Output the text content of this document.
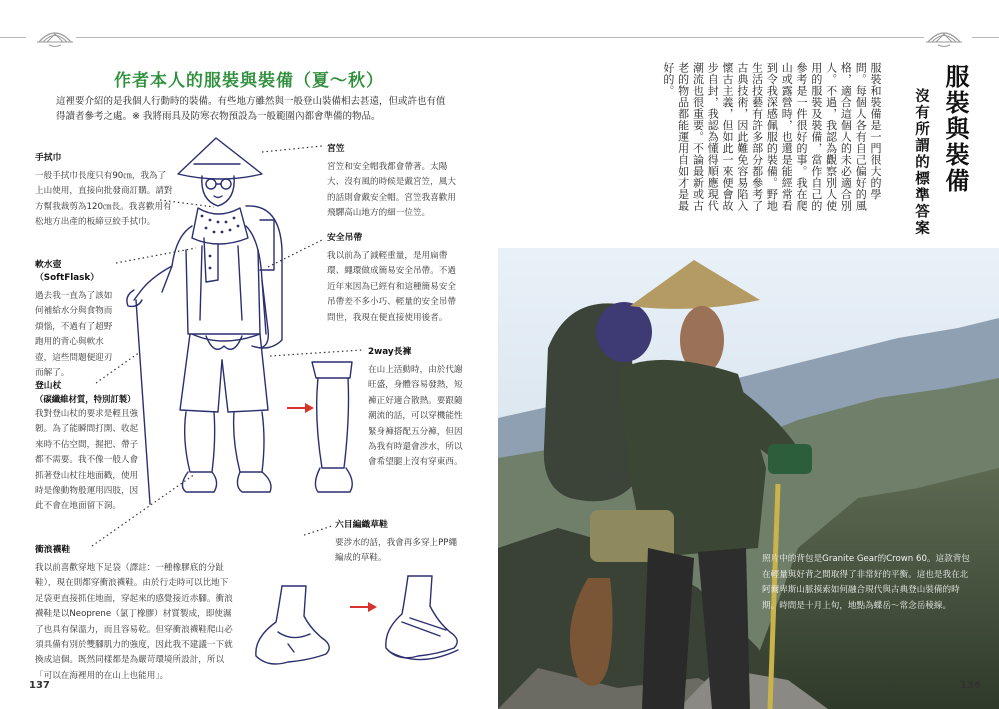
作者本人的服裝與裝備（夏～秋）
這裡要介紹的是我個人行動時的裝備。有些地方雖然與一般登山裝備相去甚遠，但或許也有值得讀者參考之處。※ 我將雨具及防寒衣物預設為一般範圍內都會準備的物品。
手拭巾

一般手拭巾長度只有90㎝，我為了上山使用，直接向批發商訂購。請對方幫我裁剪為120㎝長。我喜歡用有松地方出產的板締豆絞手拭巾。

軟水壺（SoftFlask）

過去我一直為了該如何補給水分與食物而煩惱，不過有了超野跑用的背心與軟水壺，這些問題便迎刃而解了。

登山杖
（碳纖維材質，特別訂製）

我對登山杖的要求是輕且強韌。為了能瞬間打開、收起來時不佔空間，握把、帶子都不需要。我不像一般人會抓著登山杖往地面戳，使用時是像動物般運用四肢，因此不會在地面留下洞。

衝浪襪鞋

我以前喜歡穿地下足袋（譯註：一種橡膠底的分趾鞋），現在則都穿衝浪襪鞋。由於行走時可以比地下足袋更直接抓住地面，穿起來的感覺接近赤腳。衝浪襪鞋是以Neoprene（氯丁橡膠）材質製成，即使濕了也具有保溫力，而且容易乾。但穿衝浪襪鞋爬山必須具備有別於雙腳肌力的強度，因此我不建議一下就換成這個。既然同樣都是為嚴苛環境所設計，所以「可以在海裡用的在山上也能用」。

宮笠

宮笠和安全帽我都會帶著。太陽大、沒有風的時候是戴宮笠，風大的話則會戴安全帽。宮笠我喜歡用飛驒高山地方的細一位笠。

安全吊帶

我以前為了減輕重量，是用扁帶環、繩環做成簡易安全吊帶。不過近年來因為已經有和這種簡易安全吊帶差不多小巧、輕量的安全吊帶問世，我現在便直接使用後者。

2way長褲

在山上活動時，由於代謝旺盛，身體容易發熱，短褲正好適合散熱。要跟隨潮流的話，可以穿機能性緊身褲搭配五分褲，但因為我有時還會涉水，所以會希望腿上沒有穿東西。

六目編織草鞋

要涉水的話，我會再多穿上PP繩編成的草鞋。

137
服裝與裝備
沒有所謂的標準答案
服裝和裝備是一門很大的學問。每個人各有自己偏好的風格，適合這個人的未必適合別人。不過，我認為觀察別人使用的服裝及裝備，當作自己的參考是一件很好的事。我在爬山或露營時，也還是能經常看到令我深感佩服的裝備。野地生活技藝有許多部分都參考了古典技術，因此難免容易陷入懷古主義，但如此一來便會故步自封，我認為懂得順應現代潮流也很重要。不論最新或古老的物品都能運用自如才是最好的。
照片中的背包是Granite Gear的Crown 60。這款背包在輕量與好背之間取得了非常好的平衡。這也是我在北阿爾卑斯山脈摸索如何融合現代與古典登山裝備的時期。時間是十月上旬，地點為蝶岳～常念岳稜線。
136
